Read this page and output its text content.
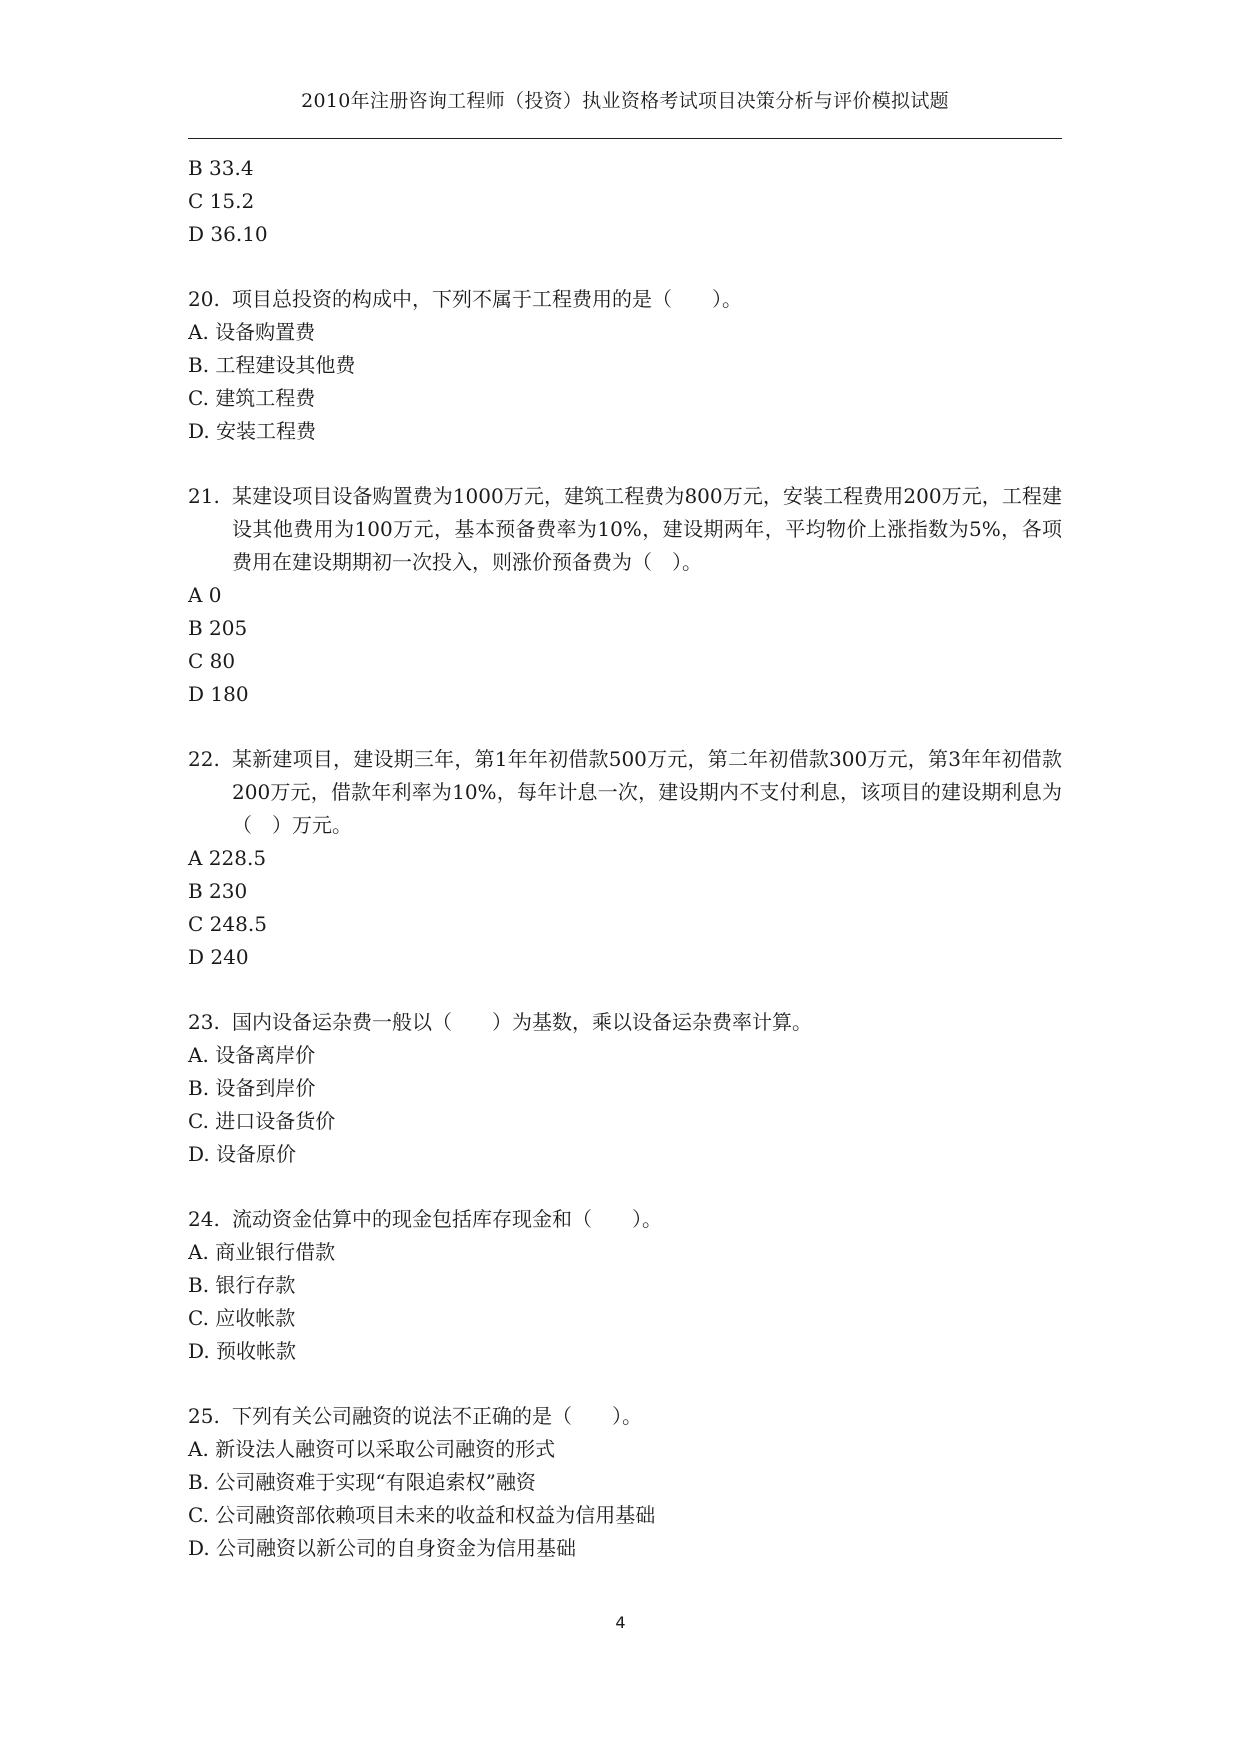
2010年注册咨询工程师（投资）执业资格考试项目决策分析与评价模拟试题
B 33.4
C 15.2
D 36.10
20. 项目总投资的构成中，下列不属于工程费用的是（　　）。
A. 设备购置费
B. 工程建设其他费
C. 建筑工程费
D. 安装工程费
21. 某建设项目设备购置费为1000万元，建筑工程费为800万元，安装工程费用200万元，工程建设其他费用为100万元，基本预备费率为10%，建设期两年，平均物价上涨指数为5%，各项费用在建设期期初一次投入，则涨价预备费为（　）。
A 0
B 205
C 80
D 180
22. 某新建项目，建设期三年，第1年年初借款500万元，第二年初借款300万元，第3年年初借款200万元，借款年利率为10%，每年计息一次，建设期内不支付利息，该项目的建设期利息为（　）万元。
A 228.5
B 230
C 248.5
D 240
23. 国内设备运杂费一般以（　　）为基数，乘以设备运杂费率计算。
A. 设备离岸价
B. 设备到岸价
C. 进口设备货价
D. 设备原价
24. 流动资金估算中的现金包括库存现金和（　　）。
A. 商业银行借款
B. 银行存款
C. 应收帐款
D. 预收帐款
25. 下列有关公司融资的说法不正确的是（　　）。
A. 新设法人融资可以采取公司融资的形式
B. 公司融资难于实现“有限追索权”融资
C. 公司融资部依赖项目未来的收益和权益为信用基础
D. 公司融资以新公司的自身资金为信用基础
4
